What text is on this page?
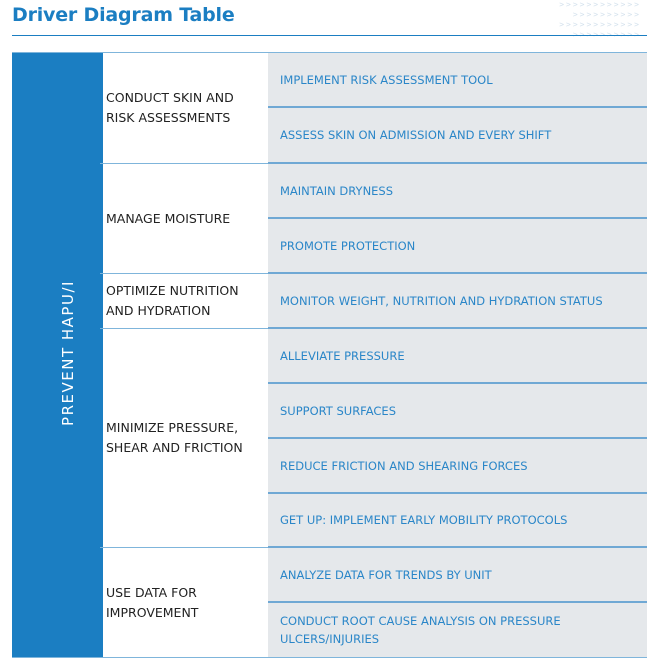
Driver Diagram Table	>>>>>>>>>>>>
>>>>>>>>>>
>>>>>>>>>>>>

PREVENT HAPU/I
CONDUCT SKIN AND RISK ASSESSMENTS
MANAGE MOISTURE
OPTIMIZE NUTRITION AND HYDRATION
MINIMIZE PRESSURE, SHEAR AND FRICTION
USE DATA FOR IMPROVEMENT
IMPLEMENT RISK ASSESSMENT TOOL
ASSESS SKIN ON ADMISSION AND EVERY SHIFT
MAINTAIN DRYNESS
PROMOTE PROTECTION
MONITOR WEIGHT, NUTRITION AND HYDRATION STATUS
ALLEVIATE PRESSURE
SUPPORT SURFACES
REDUCE FRICTION AND SHEARING FORCES
GET UP: IMPLEMENT EARLY MOBILITY PROTOCOLS
ANALYZE DATA FOR TRENDS BY UNIT
CONDUCT ROOT CAUSE ANALYSIS ON PRESSURE ULCERS/INJURIES
